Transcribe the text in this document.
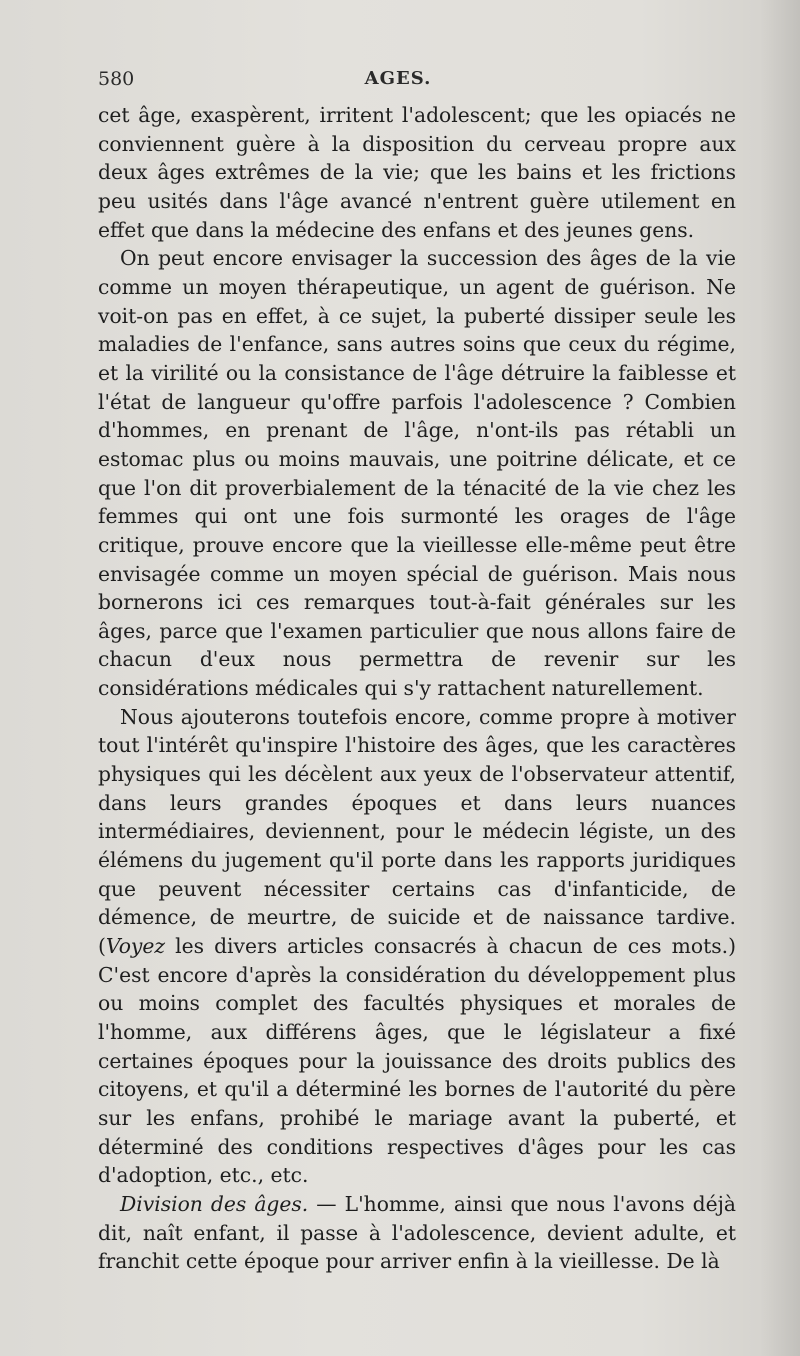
580	AGES.

cet âge, exaspèrent, irritent l'adolescent; que les opiacés ne conviennent guère à la disposition du cerveau propre aux deux âges extrêmes de la vie; que les bains et les frictions peu usités dans l'âge avancé n'entrent guère utilement en effet que dans la médecine des enfans et des jeunes gens.

On peut encore envisager la succession des âges de la vie comme un moyen thérapeutique, un agent de guérison. Ne voit-on pas en effet, à ce sujet, la puberté dissiper seule les maladies de l'enfance, sans autres soins que ceux du régime, et la virilité ou la consistance de l'âge détruire la faiblesse et l'état de langueur qu'offre parfois l'adolescence ? Combien d'hommes, en prenant de l'âge, n'ont-ils pas rétabli un estomac plus ou moins mauvais, une poitrine délicate, et ce que l'on dit proverbialement de la ténacité de la vie chez les femmes qui ont une fois surmonté les orages de l'âge critique, prouve encore que la vieillesse elle-même peut être envisagée comme un moyen spécial de guérison. Mais nous bornerons ici ces remarques tout-à-fait générales sur les âges, parce que l'examen particulier que nous allons faire de chacun d'eux nous permettra de revenir sur les considérations médicales qui s'y rattachent naturellement.

Nous ajouterons toutefois encore, comme propre à motiver tout l'intérêt qu'inspire l'histoire des âges, que les caractères physiques qui les décèlent aux yeux de l'observateur attentif, dans leurs grandes époques et dans leurs nuances intermédiaires, deviennent, pour le médecin légiste, un des élémens du jugement qu'il porte dans les rapports juridiques que peuvent nécessiter certains cas d'infanticide, de démence, de meurtre, de suicide et de naissance tardive. (Voyez les divers articles consacrés à chacun de ces mots.) C'est encore d'après la considération du développement plus ou moins complet des facultés physiques et morales de l'homme, aux différens âges, que le législateur a fixé certaines époques pour la jouissance des droits publics des citoyens, et qu'il a déterminé les bornes de l'autorité du père sur les enfans, prohibé le mariage avant la puberté, et déterminé des conditions respectives d'âges pour les cas d'adoption, etc., etc.

Division des âges. — L'homme, ainsi que nous l'avons déjà dit, naît enfant, il passe à l'adolescence, devient adulte, et franchit cette époque pour arriver enfin à la vieillesse. De là
